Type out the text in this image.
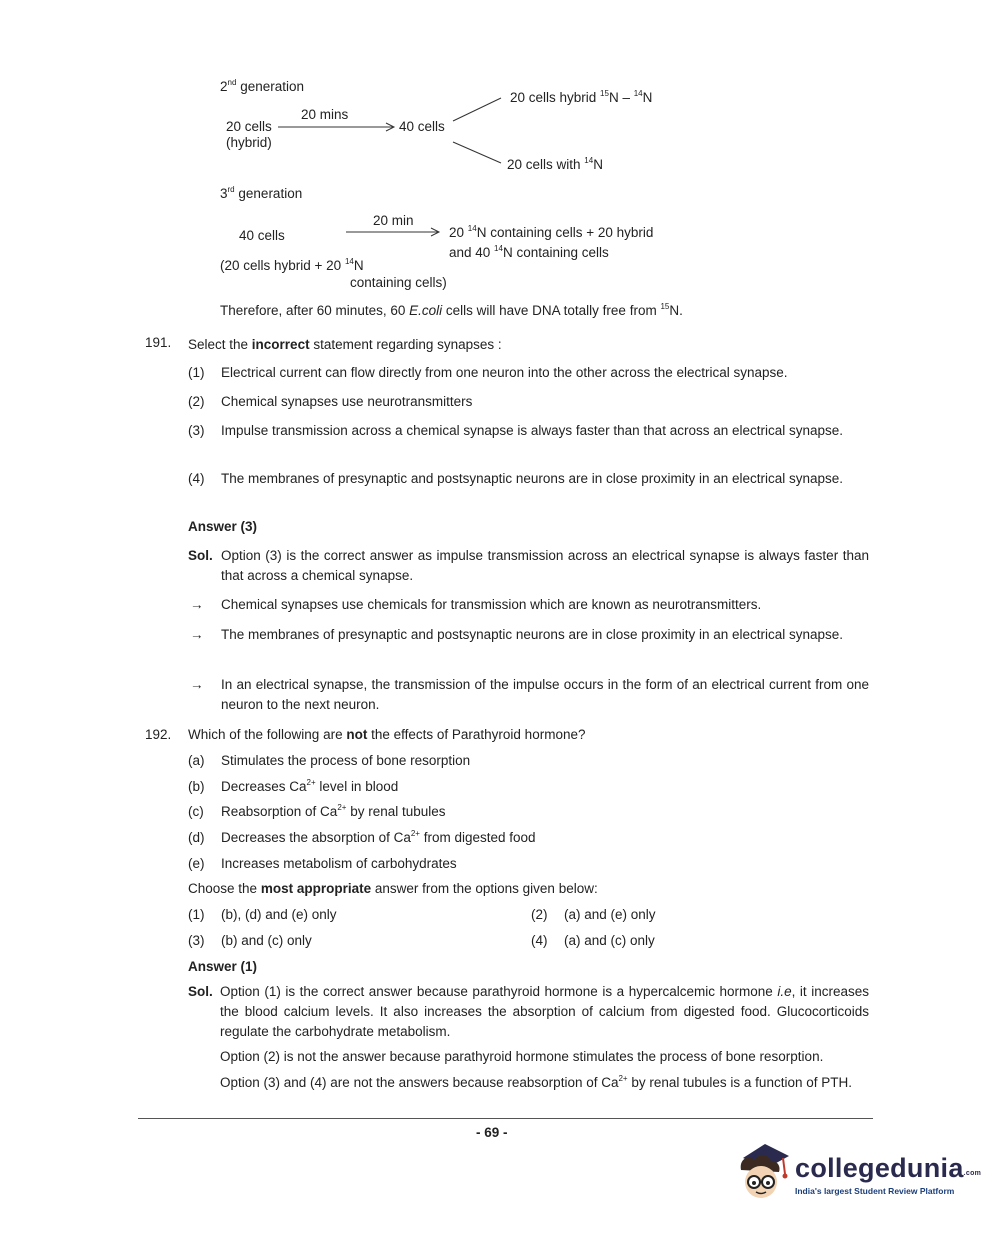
2nd generation
20 mins
20 cells
(hybrid)
40 cells
20 cells hybrid $^{15}$N – $^{14}$N
20 cells with $^{14}$N
3rd generation
20 min
40 cells
(20 cells hybrid + 20 $^{14}$N
containing cells)
20 $^{14}$N containing cells + 20 hybrid
and 40 $^{14}$N containing cells
Therefore, after 60 minutes, 60 E.coli cells will have DNA totally free from $^{15}$N.
191. Select the incorrect statement regarding synapses :
(1) Electrical current can flow directly from one neuron into the other across the electrical synapse.
(2) Chemical synapses use neurotransmitters
(3) Impulse transmission across a chemical synapse is always faster than that across an electrical synapse.
(4) The membranes of presynaptic and postsynaptic neurons are in close proximity in an electrical synapse.
Answer (3)
Sol. Option (3) is the correct answer as impulse transmission across an electrical synapse is always faster than that across a chemical synapse.
→ Chemical synapses use chemicals for transmission which are known as neurotransmitters.
→ The membranes of presynaptic and postsynaptic neurons are in close proximity in an electrical synapse.
→ In an electrical synapse, the transmission of the impulse occurs in the form of an electrical current from one neuron to the next neuron.
192. Which of the following are not the effects of Parathyroid hormone?
(a) Stimulates the process of bone resorption
(b) Decreases $Ca^{2+}$ level in blood
(c) Reabsorption of $Ca^{2+}$ by renal tubules
(d) Decreases the absorption of $Ca^{2+}$ from digested food
(e) Increases metabolism of carbohydrates
Choose the most appropriate answer from the options given below:
(1) (b), (d) and (e) only	(2) (a) and (e) only
(3) (b) and (c) only	(4) (a) and (c) only
Answer (1)
Sol. Option (1) is the correct answer because parathyroid hormone is a hypercalcemic hormone i.e, it increases the blood calcium levels. It also increases the absorption of calcium from digested food. Glucocorticoids regulate the carbohydrate metabolism.
Option (2) is not the answer because parathyroid hormone stimulates the process of bone resorption.
Option (3) and (4) are not the answers because reabsorption of $Ca^{2+}$ by renal tubules is a function of PTH.
- 69 -
collegedunia.com
India's largest Student Review Platform
